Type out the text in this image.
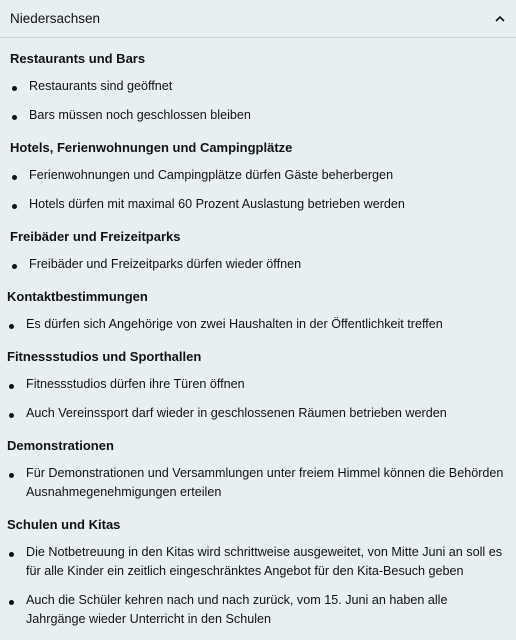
Niedersachsen
Restaurants und Bars
Restaurants sind geöffnet
Bars müssen noch geschlossen bleiben
Hotels, Ferienwohnungen und Campingplätze
Ferienwohnungen und Campingplätze dürfen Gäste beherbergen
Hotels dürfen mit maximal 60 Prozent Auslastung betrieben werden
Freibäder und Freizeitparks
Freibäder und Freizeitparks dürfen wieder öffnen
Kontaktbestimmungen
Es dürfen sich Angehörige von zwei Haushalten in der Öffentlichkeit treffen
Fitnessstudios und Sporthallen
Fitnessstudios dürfen ihre Türen öffnen
Auch Vereinssport darf wieder in geschlossenen Räumen betrieben werden
Demonstrationen
Für Demonstrationen und Versammlungen unter freiem Himmel können die Behörden Ausnahmegenehmigungen erteilen
Schulen und Kitas
Die Notbetreuung in den Kitas wird schrittweise ausgeweitet, von Mitte Juni an soll es für alle Kinder ein zeitlich eingeschränktes Angebot für den Kita-Besuch geben
Auch die Schüler kehren nach und nach zurück, vom 15. Juni an haben alle Jahrgänge wieder Unterricht in den Schulen
